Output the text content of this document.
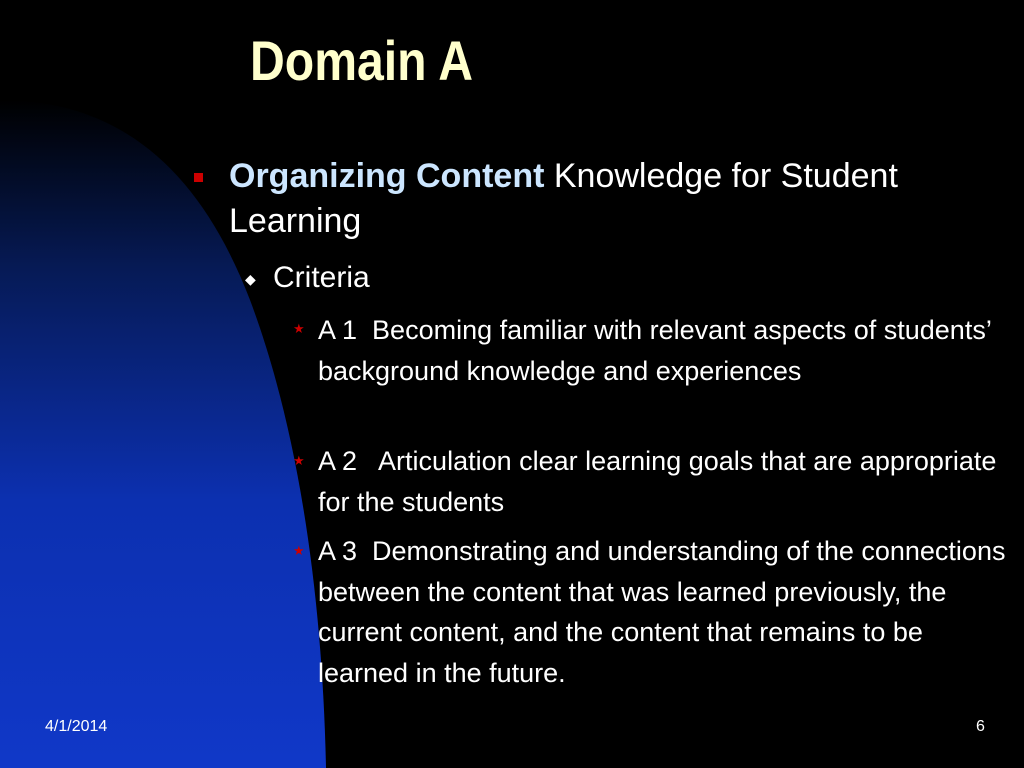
Domain A
Organizing Content Knowledge for Student Learning
◆ Criteria
★ A 1  Becoming familiar with relevant aspects of students’ background knowledge and experiences
★ A 2   Articulation clear learning goals that are appropriate for the students
★ A 3  Demonstrating and understanding of the connections between the content that was learned previously, the current content, and the content that remains to be learned in the future.
4/1/2014	6
